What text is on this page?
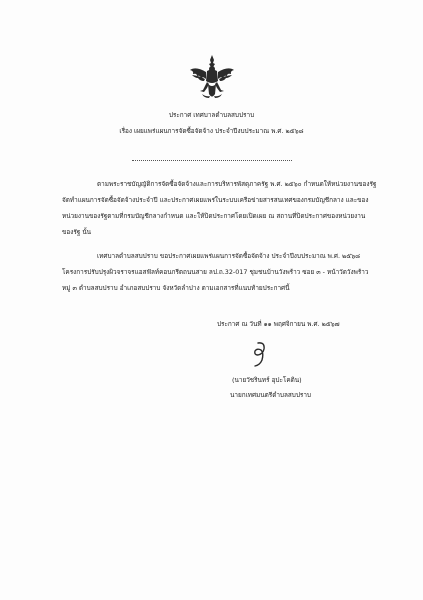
ประกาศ เทศบาลตำบลสบปราบ
เรื่อง เผยแพร่แผนการจัดซื้อจัดจ้าง ประจำปีงบประมาณ พ.ศ. ๒๕๖๘
ตามพระราชบัญญัติการจัดซื้อจัดจ้างและการบริหารพัสดุภาครัฐ พ.ศ. ๒๕๖๐ กำหนดให้หน่วยงานของรัฐ
จัดทำแผนการจัดซื้อจัดจ้างประจำปี และประกาศเผยแพร่ในระบบเครือข่ายสารสนเทศของกรมบัญชีกลาง และของ
หน่วยงานของรัฐตามที่กรมบัญชีกลางกำหนด และให้ปิดประกาศโดยเปิดเผย ณ สถานที่ปิดประกาศของหน่วยงาน
ของรัฐ นั้น
เทศบาลตำบลสบปราบ ขอประกาศเผยแพร่แผนการจัดซื้อจัดจ้าง ประจำปีงบประมาณ พ.ศ. ๒๕๖๘
โครงการปรับปรุงผิวจราจรแอสฟัลท์คอนกรีตถนนสาย ลป.ถ.32-017 ชุมชนบ้านวังพร้าว ซอย ๓ - หน้าวัดวังพร้าว
หมู่ ๓ ตำบลสบปราบ อำเภอสบปราบ จังหวัดลำปาง ตามเอกสารที่แนบท้ายประกาศนี้
ประกาศ ณ วันที่ ๑๑ พฤศจิกายน พ.ศ. ๒๕๖๗
(นายวัชรินทร์ อุปะโคติน)
นายกเทศมนตรีตำบลสบปราบ
